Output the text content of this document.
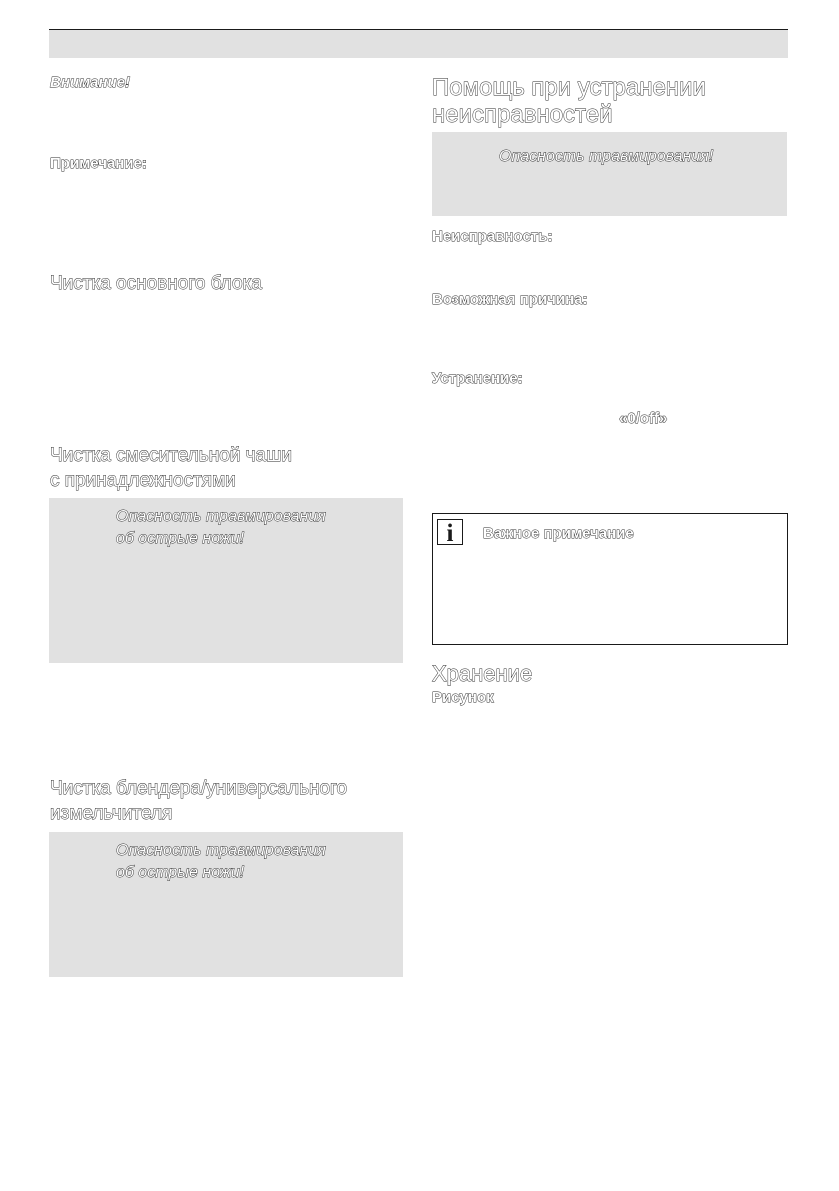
Внимание!
Примечание:
Чистка основного блока
Чистка смесительной чаши
с принадлежностями
Опасность травмирования
об острые ножи!
Чистка блендера/универсального
измельчителя
Опасность травмирования
об острые ножи!
Помощь при устранении
неисправностей
Опасность травмирования!
Неисправность:
Возможная причина:
Устранение:
«0/off»
i	Важное примечание
Хранение
Рисунок
